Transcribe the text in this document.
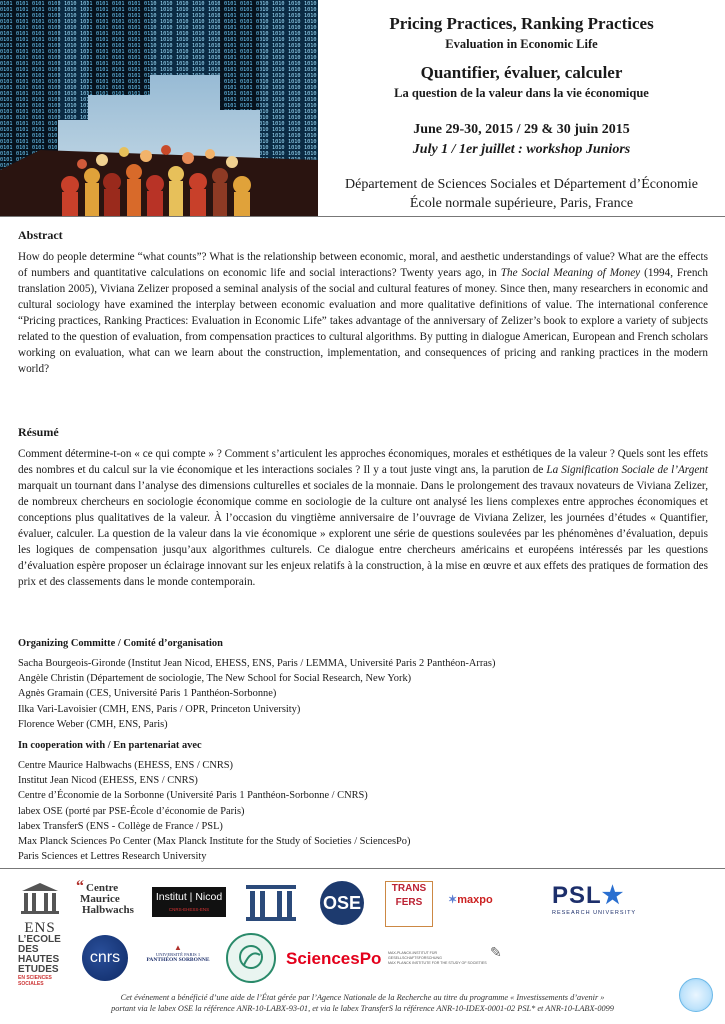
Pricing Practices, Ranking Practices
Evaluation in Economic Life
Quantifier, évaluer, calculer
La question de la valeur dans la vie économique
June 29-30, 2015 / 29 & 30 juin 2015
July 1 / 1er juillet : workshop Juniors
Département de Sciences Sociales et Département d’Économie
École normale supérieure, Paris, France
Abstract
How do people determine “what counts”? What is the relationship between economic, moral, and aesthetic understandings of value? What are the effects of numbers and quantitative calculations on economic life and social interactions? Twenty years ago, in The Social Meaning of Money (1994, French translation 2005), Viviana Zelizer proposed a seminal analysis of the social and cultural features of money. Since then, many researchers in economic and cultural sociology have examined the interplay between economic evaluation and more qualitative definitions of value. The international conference “Pricing practices, Ranking Practices: Evaluation in Economic Life” takes advantage of the anniversary of Zelizer’s book to explore a variety of subjects related to the question of evaluation, from compensation practices to cultural algorithms. By putting in dialogue American, European and French scholars working on evaluation, what can we learn about the construction, implementation, and consequences of pricing and ranking practices in the modern world?
Résumé
Comment détermine-t-on « ce qui compte » ? Comment s’articulent les approches économiques, morales et esthétiques de la valeur ? Quels sont les effets des nombres et du calcul sur la vie économique et les interactions sociales ? Il y a tout juste vingt ans, la parution de La Signification Sociale de l’Argent marquait un tournant dans l’analyse des dimensions culturelles et sociales de la monnaie. Dans le prolongement des travaux novateurs de Viviana Zelizer, de nombreux chercheurs en sociologie économique comme en sociologie de la culture ont analysé les liens complexes entre approches économiques et conceptions plus qualitatives de la valeur. À l’occasion du vingtième anniversaire de l’ouvrage de Viviana Zelizer, les journées d’études « Quantifier, évaluer, calculer. La question de la valeur dans la vie économique » explorent une série de questions soulevées par les phénomènes d’évaluation, depuis les logiques de compensation jusqu’aux algorithmes culturels. Ce dialogue entre chercheurs américains et européens intéressés par les questions d’évaluation espère proposer un éclairage innovant sur les enjeux relatifs à la construction, à la mise en œuvre et aux effets des pratiques de formation des prix et des classements dans le monde contemporain.
Organizing Committe / Comité d’organisation
Sacha Bourgeois-Gironde (Institut Jean Nicod, EHESS, ENS, Paris / LEMMA, Université Paris 2 Panthéon-Arras)
Angèle Christin (Département de sociologie, The New School for Social Research, New York)
Agnès Gramain (CES, Université Paris 1 Panthéon-Sorbonne)
Ilka Vari-Lavoisier (CMH, ENS, Paris / OPR, Princeton University)
Florence Weber (CMH, ENS, Paris)
In cooperation with / En partenariat avec
Centre Maurice Halbwachs (EHESS, ENS / CNRS)
Institut Jean Nicod (EHESS, ENS / CNRS)
Centre d’Économie de la Sorbonne (Université Paris 1 Panthéon-Sorbonne / CNRS)
labex OSE (porté par PSE-École d’économie de Paris)
labex TransferS (ENS - Collège de France / PSL)
Max Planck Sciences Po Center (Max Planck Institute for the Study of Societies / SciencesPo)
Paris Sciences et Lettres Research University
ENS
“ Centre
Maurice
Halbwachs
Institut | Nicod
CNRS-EHESS-ENS	OSE
TRANS FERS	✶maxpo PSL★
RESEARCH UNIVERSITY
L’ECOLE
DES HAUTES
ETUDES
EN SCIENCES SOCIALES
cnrs
▲
UNIVERSITÉ PARIS 1
PANTHÉON SORBONNE	SciencesPo MAX-PLANCK-INSTITUT FÜR GESELLSCHAFTSFORSCHUNG
MAX PLANCK INSTITUTE FOR THE STUDY OF SOCIETIES
✎
Cet événement a bénéficié d’une aide de l’État gérée par l’Agence Nationale de la Recherche au titre du programme « Investissements d’avenir »
portant via le labex OSE la référence ANR-10-LABX-93-01, et via le labex TransferS la référence ANR-10-IDEX-0001-02 PSL* et ANR-10-LABX-0099
